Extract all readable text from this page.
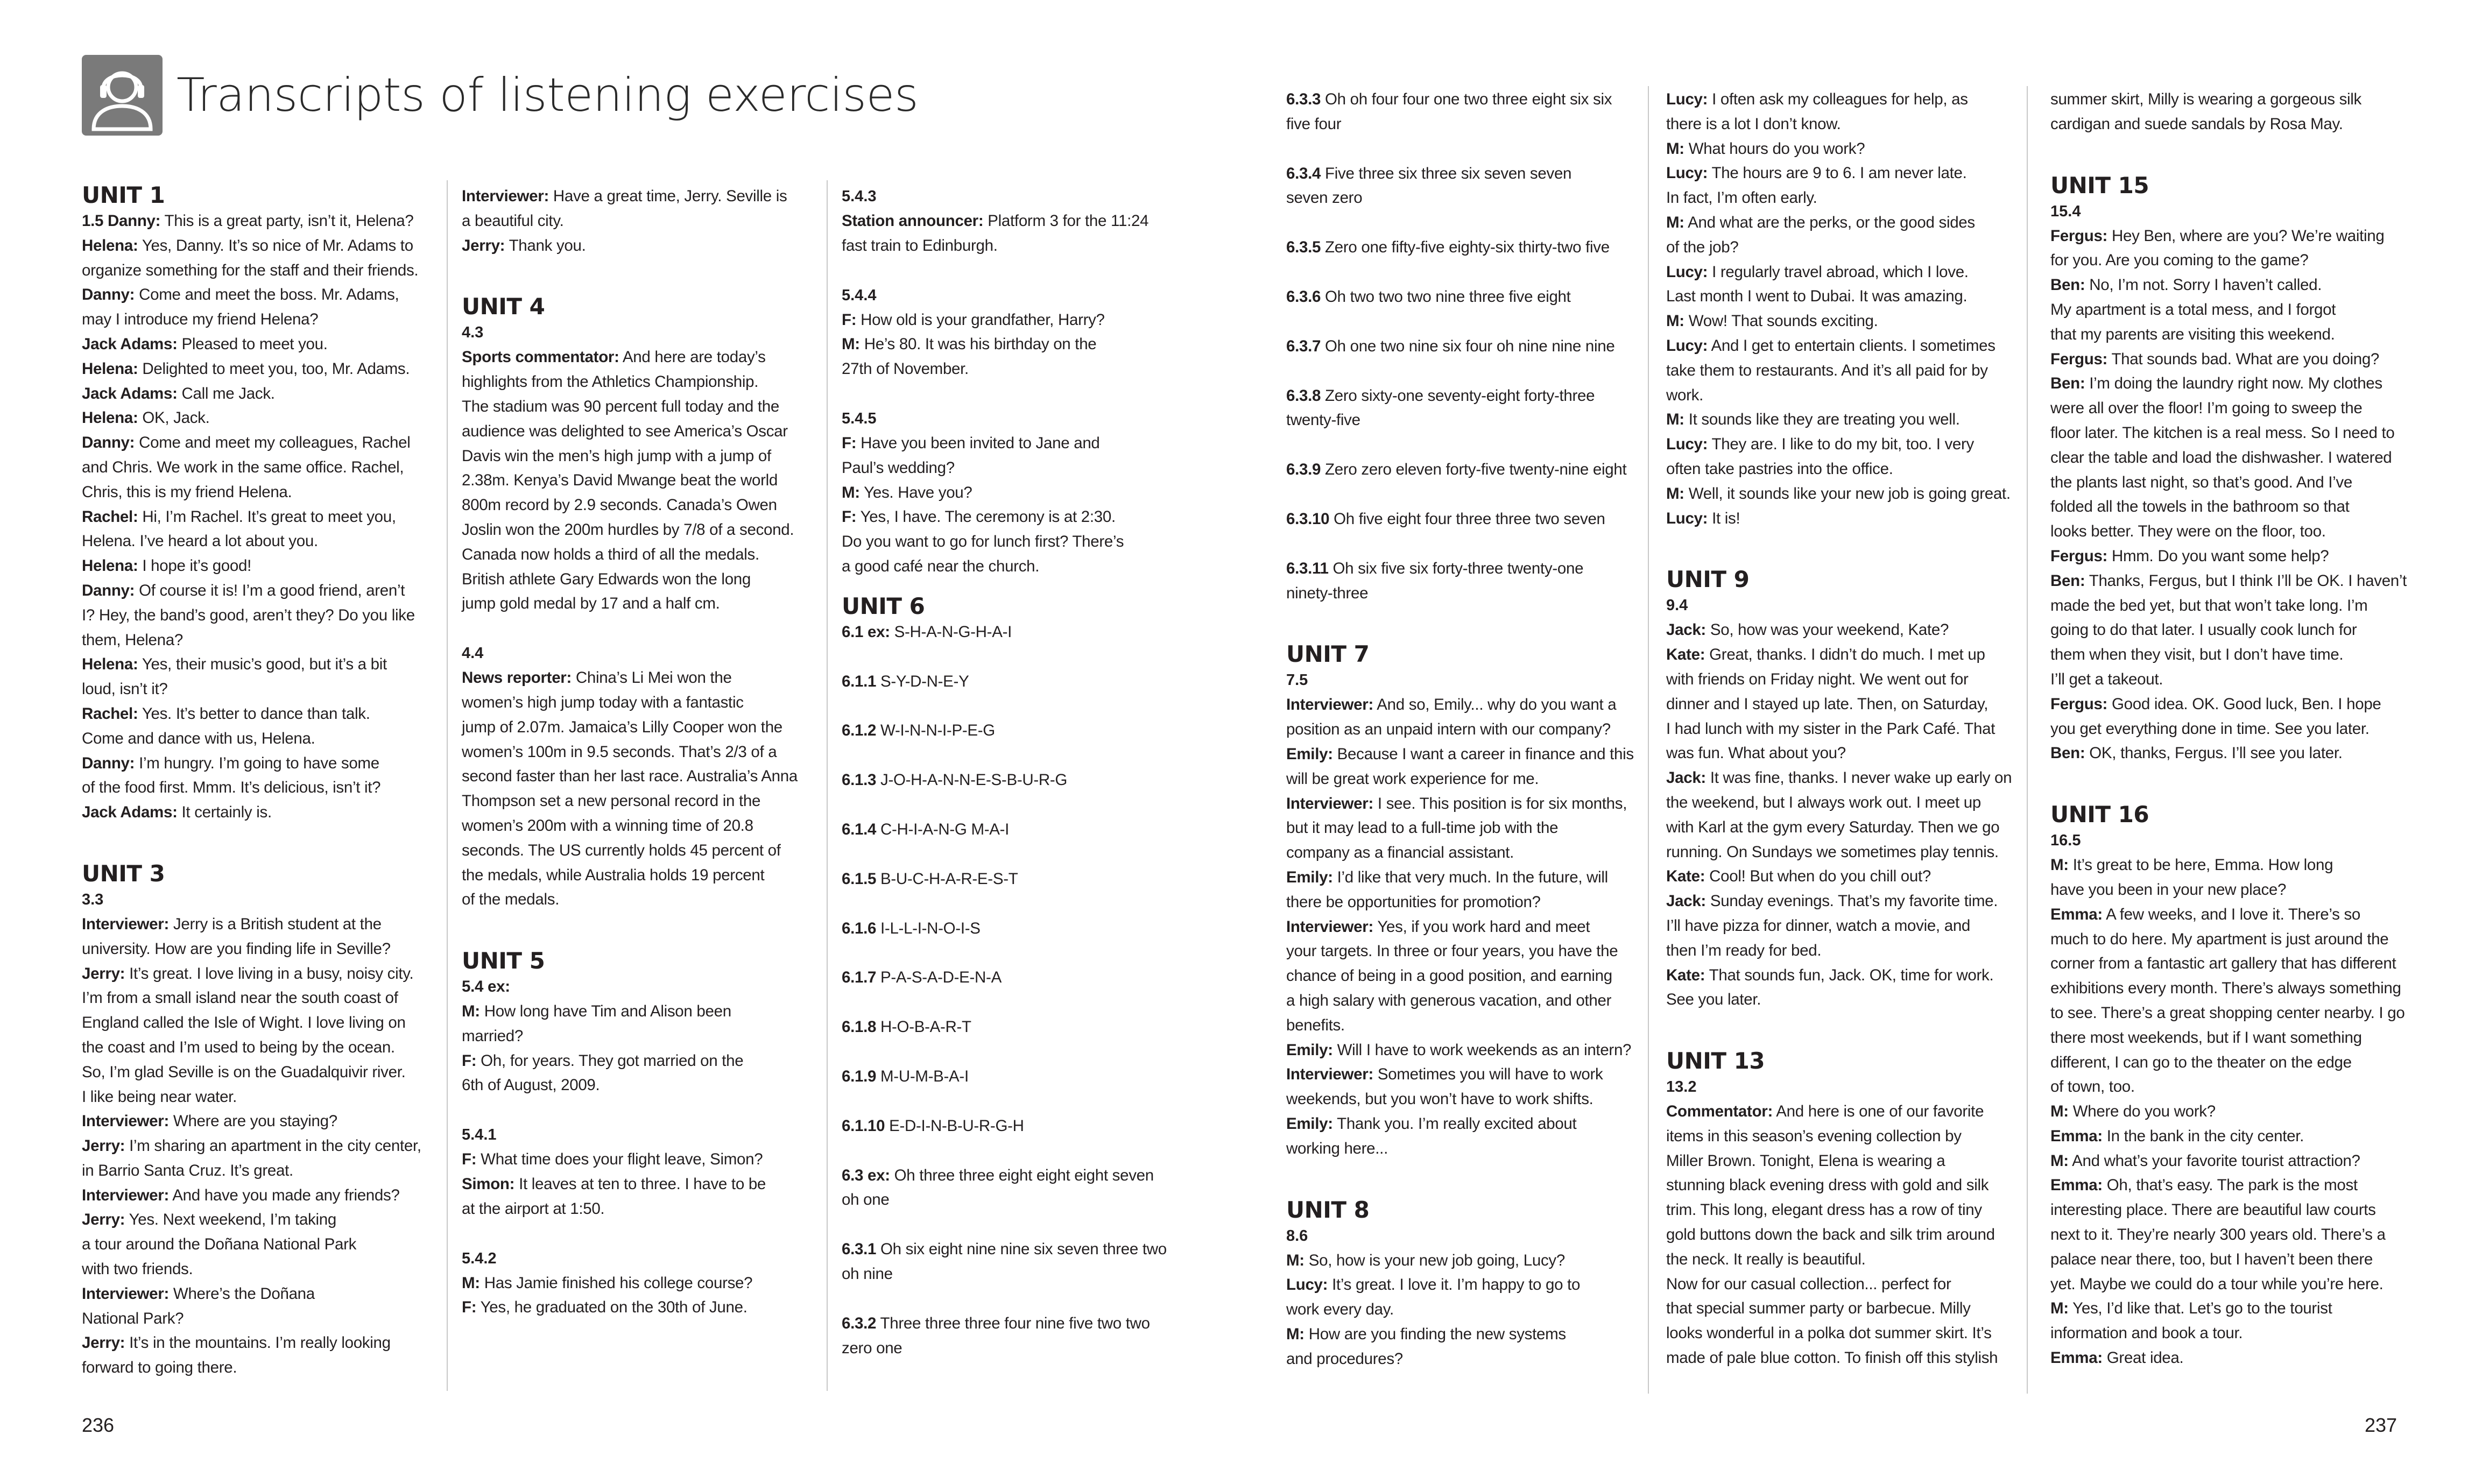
Transcripts of listening exercises
UNIT 1
1.5 Danny: This is a great party, isn’t it, Helena?
Helena: Yes, Danny. It’s so nice of Mr. Adams to
organize something for the staff and their friends.
Danny: Come and meet the boss. Mr. Adams,
may I introduce my friend Helena?
Jack Adams: Pleased to meet you.
Helena: Delighted to meet you, too, Mr. Adams.
Jack Adams: Call me Jack.
Helena: OK, Jack.
Danny: Come and meet my colleagues, Rachel
and Chris. We work in the same office. Rachel,
Chris, this is my friend Helena.
Rachel: Hi, I’m Rachel. It’s great to meet you,
Helena. I’ve heard a lot about you.
Helena: I hope it’s good!
Danny: Of course it is! I’m a good friend, aren’t
I? Hey, the band’s good, aren’t they? Do you like
them, Helena?
Helena: Yes, their music’s good, but it’s a bit
loud, isn’t it?
Rachel: Yes. It’s better to dance than talk.
Come and dance with us, Helena.
Danny: I’m hungry. I’m going to have some
of the food first. Mmm. It’s delicious, isn’t it?
Jack Adams: It certainly is.
UNIT 3
3.3
Interviewer: Jerry is a British student at the
university. How are you finding life in Seville?
Jerry: It’s great. I love living in a busy, noisy city.
I’m from a small island near the south coast of
England called the Isle of Wight. I love living on
the coast and I’m used to being by the ocean.
So, I’m glad Seville is on the Guadalquivir river.
I like being near water.
Interviewer: Where are you staying?
Jerry: I’m sharing an apartment in the city center,
in Barrio Santa Cruz. It’s great.
Interviewer: And have you made any friends?
Jerry: Yes. Next weekend, I’m taking
a tour around the Doñana National Park
with two friends.
Interviewer: Where’s the Doñana
National Park?
Jerry: It’s in the mountains. I’m really looking
forward to going there.
Interviewer: Have a great time, Jerry. Seville is
a beautiful city.
Jerry: Thank you.
UNIT 4
4.3
Sports commentator: And here are today’s
highlights from the Athletics Championship.
The stadium was 90 percent full today and the
audience was delighted to see America’s Oscar
Davis win the men’s high jump with a jump of
2.38m. Kenya’s David Mwange beat the world
800m record by 2.9 seconds. Canada’s Owen
Joslin won the 200m hurdles by 7/8 of a second.
Canada now holds a third of all the medals.
British athlete Gary Edwards won the long
jump gold medal by 17 and a half cm.
4.4
News reporter: China’s Li Mei won the
women’s high jump today with a fantastic
jump of 2.07m. Jamaica’s Lilly Cooper won the
women’s 100m in 9.5 seconds. That’s 2/3 of a
second faster than her last race. Australia’s Anna
Thompson set a new personal record in the
women’s 200m with a winning time of 20.8
seconds. The US currently holds 45 percent of
the medals, while Australia holds 19 percent
of the medals.
UNIT 5
5.4 ex:
M: How long have Tim and Alison been
married?
F: Oh, for years. They got married on the
6th of August, 2009.
5.4.1
F: What time does your flight leave, Simon?
Simon: It leaves at ten to three. I have to be
at the airport at 1:50.
5.4.2
M: Has Jamie finished his college course?
F: Yes, he graduated on the 30th of June.
5.4.3
Station announcer: Platform 3 for the 11:24
fast train to Edinburgh.
5.4.4
F: How old is your grandfather, Harry?
M: He’s 80. It was his birthday on the
27th of November.
5.4.5
F: Have you been invited to Jane and
Paul’s wedding?
M: Yes. Have you?
F: Yes, I have. The ceremony is at 2:30.
Do you want to go for lunch first? There’s
a good café near the church.
UNIT 6
6.1 ex: S-H-A-N-G-H-A-I
6.1.1 S-Y-D-N-E-Y
6.1.2 W-I-N-N-I-P-E-G
6.1.3 J-O-H-A-N-N-E-S-B-U-R-G
6.1.4 C-H-I-A-N-G M-A-I
6.1.5 B-U-C-H-A-R-E-S-T
6.1.6 I-L-L-I-N-O-I-S
6.1.7 P-A-S-A-D-E-N-A
6.1.8 H-O-B-A-R-T
6.1.9 M-U-M-B-A-I
6.1.10 E-D-I-N-B-U-R-G-H
6.3 ex: Oh three three eight eight eight seven
oh one
6.3.1 Oh six eight nine nine six seven three two
oh nine
6.3.2 Three three three four nine five two two
zero one
236
6.3.3 Oh oh four four one two three eight six six
five four
6.3.4 Five three six three six seven seven
seven zero
6.3.5 Zero one fifty-five eighty-six thirty-two five
6.3.6 Oh two two two nine three five eight
6.3.7 Oh one two nine six four oh nine nine nine
6.3.8 Zero sixty-one seventy-eight forty-three
twenty-five
6.3.9 Zero zero eleven forty-five twenty-nine eight
6.3.10 Oh five eight four three three two seven
6.3.11 Oh six five six forty-three twenty-one
ninety-three
UNIT 7
7.5
Interviewer: And so, Emily... why do you want a
position as an unpaid intern with our company?
Emily: Because I want a career in finance and this
will be great work experience for me.
Interviewer: I see. This position is for six months,
but it may lead to a full-time job with the
company as a financial assistant.
Emily: I’d like that very much. In the future, will
there be opportunities for promotion?
Interviewer: Yes, if you work hard and meet
your targets. In three or four years, you have the
chance of being in a good position, and earning
a high salary with generous vacation, and other
benefits.
Emily: Will I have to work weekends as an intern?
Interviewer: Sometimes you will have to work
weekends, but you won’t have to work shifts.
Emily: Thank you. I’m really excited about
working here...
UNIT 8
8.6
M: So, how is your new job going, Lucy?
Lucy: It’s great. I love it. I’m happy to go to
work every day.
M: How are you finding the new systems
and procedures?
Lucy: I often ask my colleagues for help, as
there is a lot I don’t know.
M: What hours do you work?
Lucy: The hours are 9 to 6. I am never late.
In fact, I’m often early.
M: And what are the perks, or the good sides
of the job?
Lucy: I regularly travel abroad, which I love.
Last month I went to Dubai. It was amazing.
M: Wow! That sounds exciting.
Lucy: And I get to entertain clients. I sometimes
take them to restaurants. And it’s all paid for by
work.
M: It sounds like they are treating you well.
Lucy: They are. I like to do my bit, too. I very
often take pastries into the office.
M: Well, it sounds like your new job is going great.
Lucy: It is!
UNIT 9
9.4
Jack: So, how was your weekend, Kate?
Kate: Great, thanks. I didn’t do much. I met up
with friends on Friday night. We went out for
dinner and I stayed up late. Then, on Saturday,
I had lunch with my sister in the Park Café. That
was fun. What about you?
Jack: It was fine, thanks. I never wake up early on
the weekend, but I always work out. I meet up
with Karl at the gym every Saturday. Then we go
running. On Sundays we sometimes play tennis.
Kate: Cool! But when do you chill out?
Jack: Sunday evenings. That’s my favorite time.
I’ll have pizza for dinner, watch a movie, and
then I’m ready for bed.
Kate: That sounds fun, Jack. OK, time for work.
See you later.
UNIT 13
13.2
Commentator: And here is one of our favorite
items in this season’s evening collection by
Miller Brown. Tonight, Elena is wearing a
stunning black evening dress with gold and silk
trim. This long, elegant dress has a row of tiny
gold buttons down the back and silk trim around
the neck. It really is beautiful.
Now for our casual collection... perfect for
that special summer party or barbecue. Milly
looks wonderful in a polka dot summer skirt. It’s
made of pale blue cotton. To finish off this stylish
summer skirt, Milly is wearing a gorgeous silk
cardigan and suede sandals by Rosa May.
UNIT 15
15.4
Fergus: Hey Ben, where are you? We’re waiting
for you. Are you coming to the game?
Ben: No, I’m not. Sorry I haven’t called.
My apartment is a total mess, and I forgot
that my parents are visiting this weekend.
Fergus: That sounds bad. What are you doing?
Ben: I’m doing the laundry right now. My clothes
were all over the floor! I’m going to sweep the
floor later. The kitchen is a real mess. So I need to
clear the table and load the dishwasher. I watered
the plants last night, so that’s good. And I’ve
folded all the towels in the bathroom so that
looks better. They were on the floor, too.
Fergus: Hmm. Do you want some help?
Ben: Thanks, Fergus, but I think I’ll be OK. I haven’t
made the bed yet, but that won’t take long. I’m
going to do that later. I usually cook lunch for
them when they visit, but I don’t have time.
I’ll get a takeout.
Fergus: Good idea. OK. Good luck, Ben. I hope
you get everything done in time. See you later.
Ben: OK, thanks, Fergus. I’ll see you later.
UNIT 16
16.5
M: It’s great to be here, Emma. How long
have you been in your new place?
Emma: A few weeks, and I love it. There’s so
much to do here. My apartment is just around the
corner from a fantastic art gallery that has different
exhibitions every month. There’s always something
to see. There’s a great shopping center nearby. I go
there most weekends, but if I want something
different, I can go to the theater on the edge
of town, too.
M: Where do you work?
Emma: In the bank in the city center.
M: And what’s your favorite tourist attraction?
Emma: Oh, that’s easy. The park is the most
interesting place. There are beautiful law courts
next to it. They’re nearly 300 years old. There’s a
palace near there, too, but I haven’t been there
yet. Maybe we could do a tour while you’re here.
M: Yes, I’d like that. Let’s go to the tourist
information and book a tour.
Emma: Great idea.
237
